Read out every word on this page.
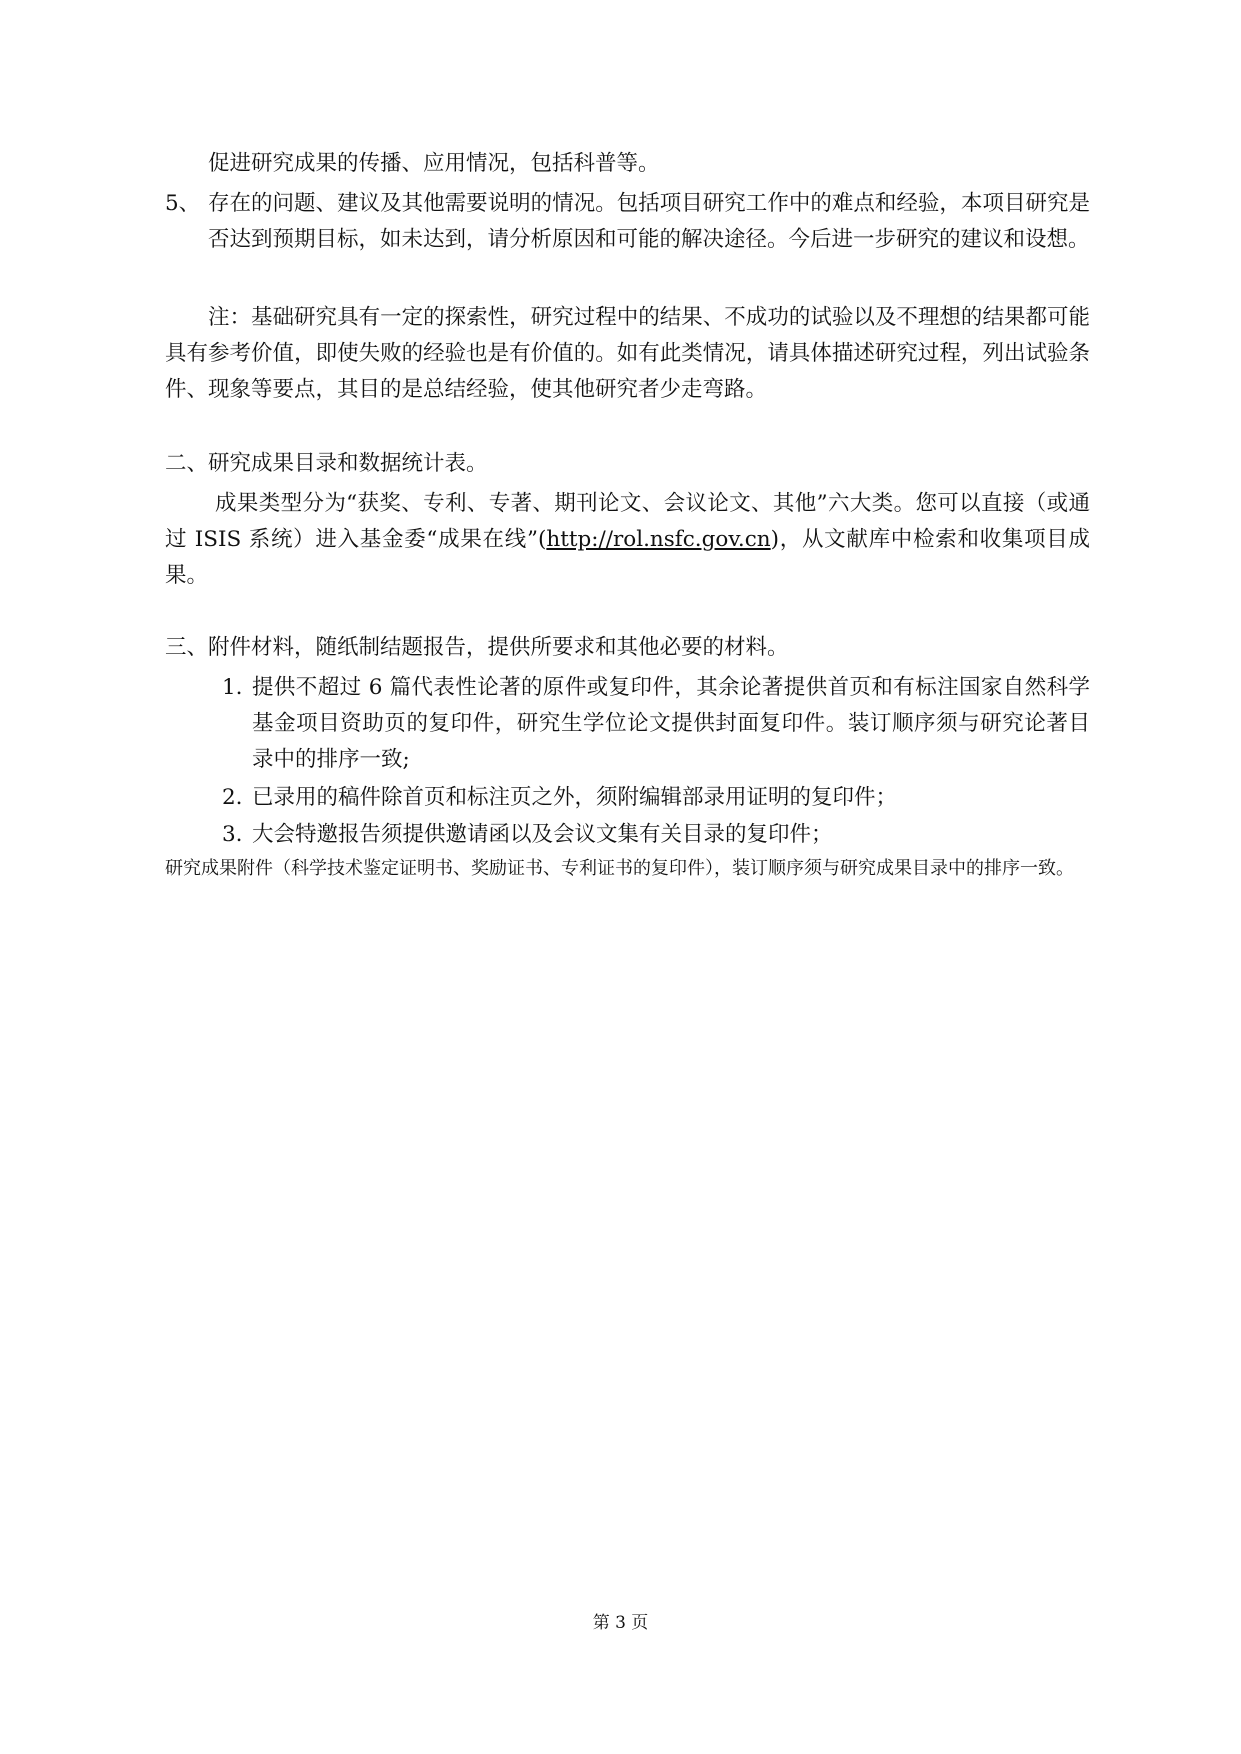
促进研究成果的传播、应用情况，包括科普等。
5、 存在的问题、建议及其他需要说明的情况。包括项目研究工作中的难点和经验，本项目研究是否达到预期目标，如未达到，请分析原因和可能的解决途径。今后进一步研究的建议和设想。
注：基础研究具有一定的探索性，研究过程中的结果、不成功的试验以及不理想的结果都可能具有参考价值，即使失败的经验也是有价值的。如有此类情况，请具体描述研究过程，列出试验条件、现象等要点，其目的是总结经验，使其他研究者少走弯路。
二、研究成果目录和数据统计表。
成果类型分为“获奖、专利、专著、期刊论文、会议论文、其他”六大类。您可以直接（或通过 ISIS 系统）进入基金委“成果在线”(http://rol.nsfc.gov.cn)，从文献库中检索和收集项目成果。
三、附件材料，随纸制结题报告，提供所要求和其他必要的材料。
1. 提供不超过 6 篇代表性论著的原件或复印件，其余论著提供首页和有标注国家自然科学基金项目资助页的复印件，研究生学位论文提供封面复印件。装订顺序须与研究论著目录中的排序一致;
2. 已录用的稿件除首页和标注页之外，须附编辑部录用证明的复印件；
3. 大会特邀报告须提供邀请函以及会议文集有关目录的复印件；
研究成果附件（科学技术鉴定证明书、奖励证书、专利证书的复印件），装订顺序须与研究成果目录中的排序一致。
第 3 页
